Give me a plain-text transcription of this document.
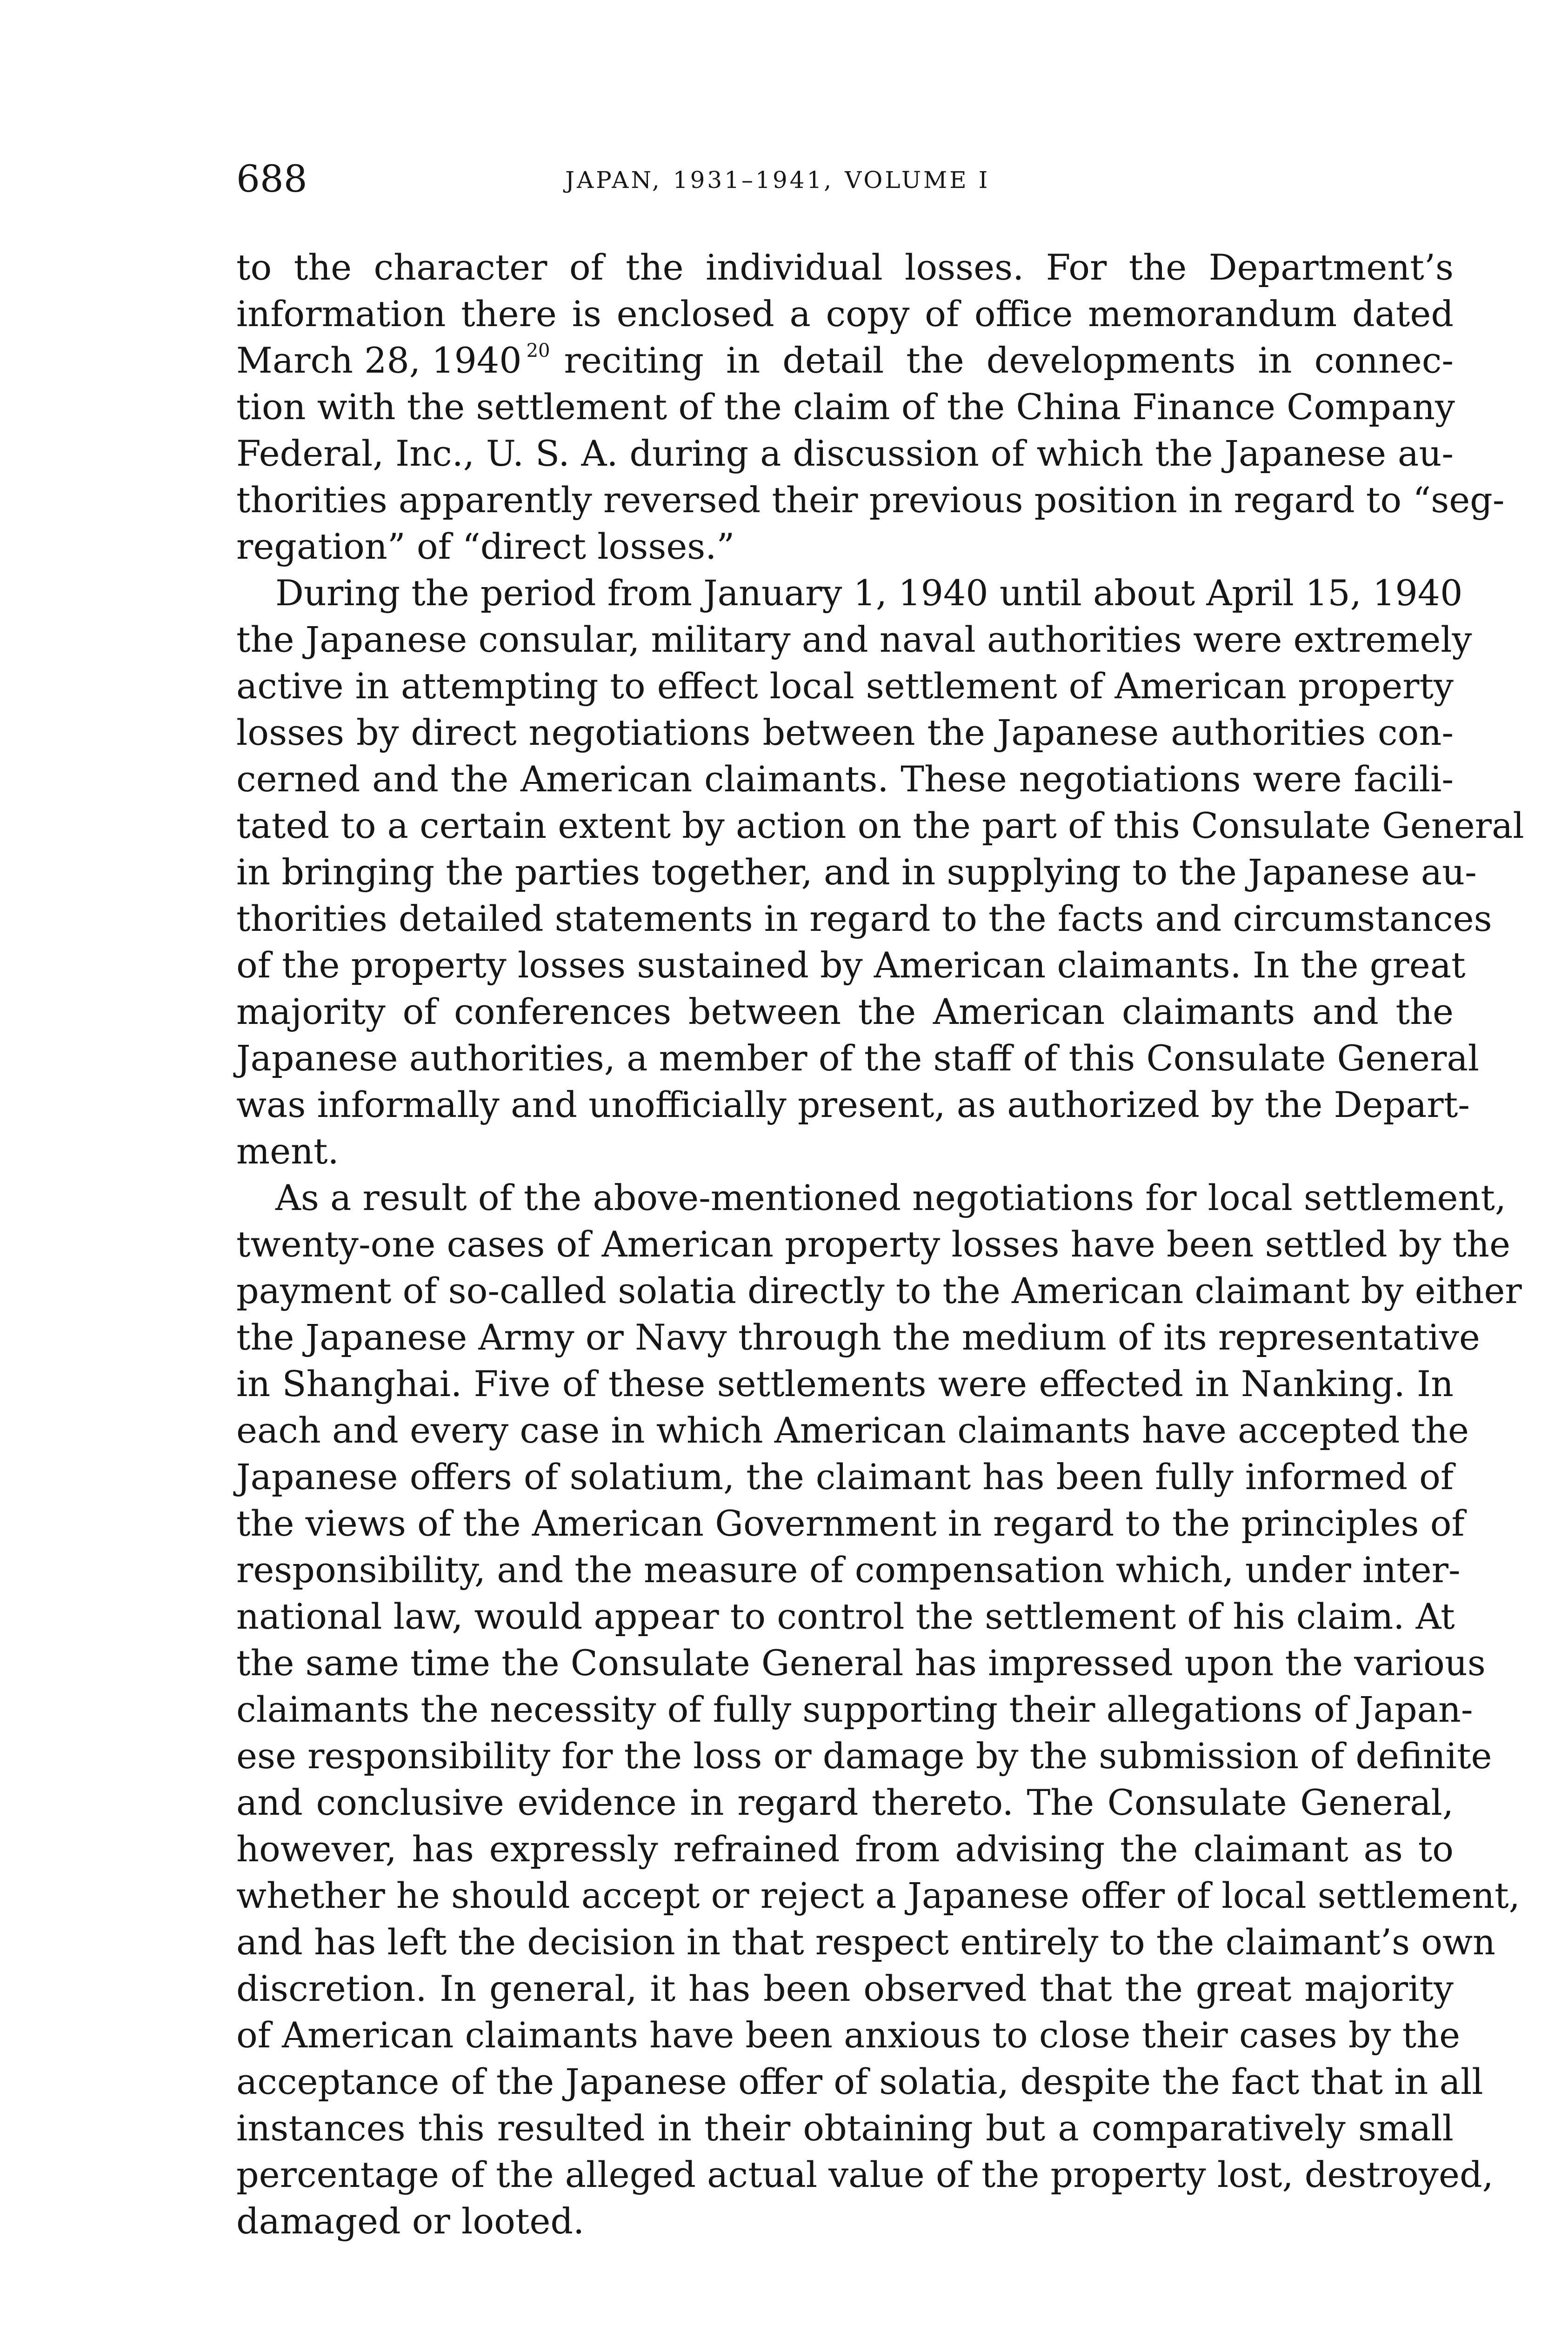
688	JAPAN, 1931–1941, VOLUME I
to the character of the individual losses. For the Department’s
information there is enclosed a copy of office memorandum dated
March 28, 1940 $^{20}$ reciting in detail the developments in connec-
tion with the settlement of the claim of the China Finance Company
Federal, Inc., U. S. A. during a discussion of which the Japanese au-
thorities apparently reversed their previous position in regard to “seg-
regation” of “direct losses.”
During the period from January 1, 1940 until about April 15, 1940
the Japanese consular, military and naval authorities were extremely
active in attempting to effect local settlement of American property
losses by direct negotiations between the Japanese authorities con-
cerned and the American claimants. These negotiations were facili-
tated to a certain extent by action on the part of this Consulate General
in bringing the parties together, and in supplying to the Japanese au-
thorities detailed statements in regard to the facts and circumstances
of the property losses sustained by American claimants. In the great
majority of conferences between the American claimants and the
Japanese authorities, a member of the staff of this Consulate General
was informally and unofficially present, as authorized by the Depart-
ment.
As a result of the above-mentioned negotiations for local settlement,
twenty-one cases of American property losses have been settled by the
payment of so-called solatia directly to the American claimant by either
the Japanese Army or Navy through the medium of its representative
in Shanghai. Five of these settlements were effected in Nanking. In
each and every case in which American claimants have accepted the
Japanese offers of solatium, the claimant has been fully informed of
the views of the American Government in regard to the principles of
responsibility, and the measure of compensation which, under inter-
national law, would appear to control the settlement of his claim. At
the same time the Consulate General has impressed upon the various
claimants the necessity of fully supporting their allegations of Japan-
ese responsibility for the loss or damage by the submission of definite
and conclusive evidence in regard thereto. The Consulate General,
however, has expressly refrained from advising the claimant as to
whether he should accept or reject a Japanese offer of local settlement,
and has left the decision in that respect entirely to the claimant’s own
discretion. In general, it has been observed that the great majority
of American claimants have been anxious to close their cases by the
acceptance of the Japanese offer of solatia, despite the fact that in all
instances this resulted in their obtaining but a comparatively small
percentage of the alleged actual value of the property lost, destroyed,
damaged or looted.
